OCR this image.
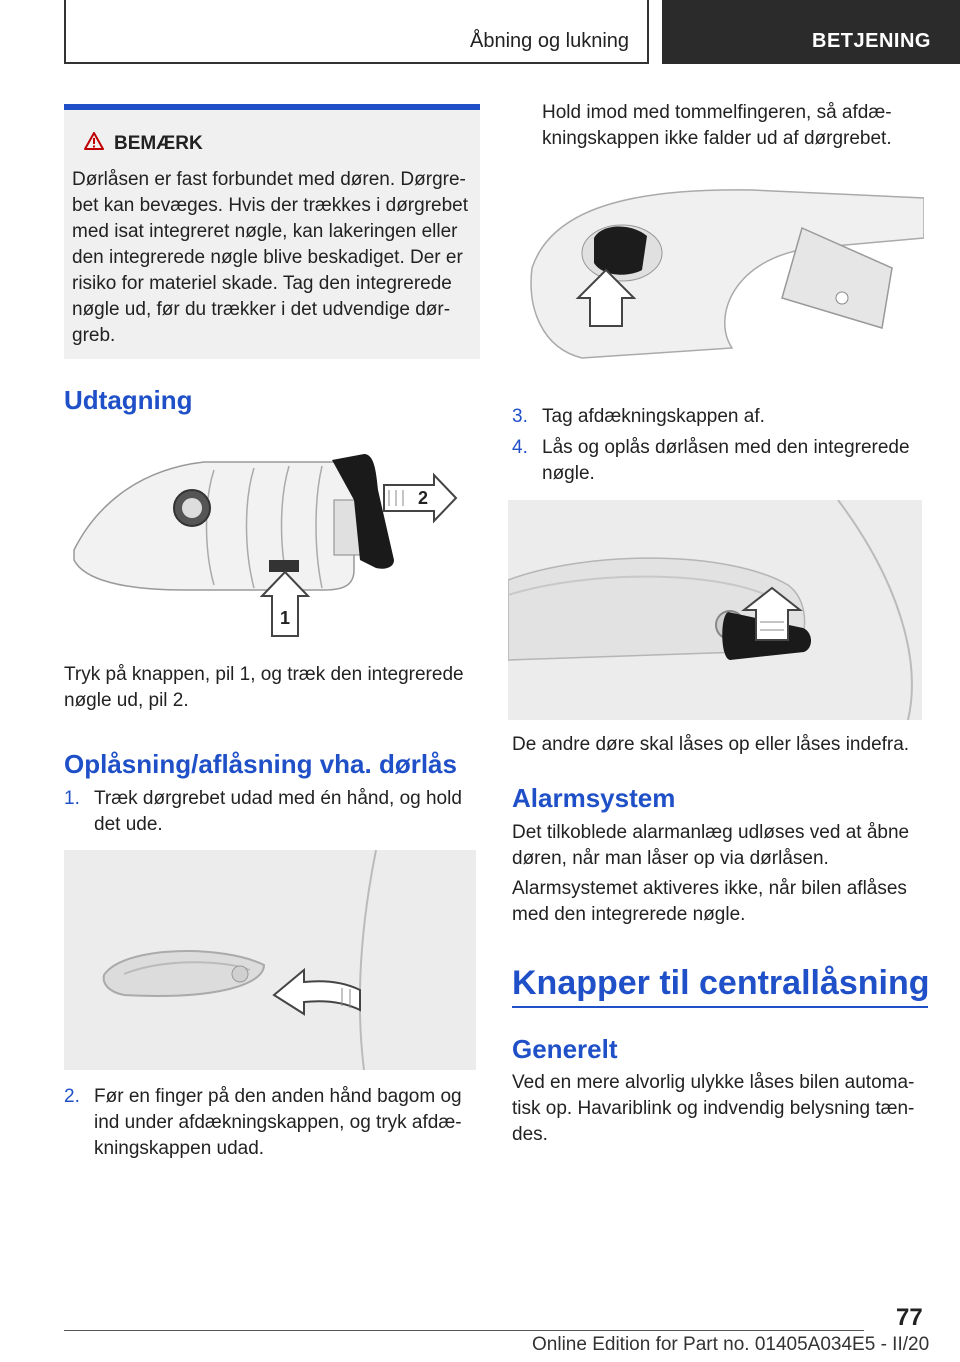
Åbning og lukning	BETJENING
BEMÆRK
Dørlåsen er fast forbundet med døren. Dørgre-bet kan bevæges. Hvis der trækkes i dørgrebet med isat integreret nøgle, kan lakeringen eller den integrerede nøgle blive beskadiget. Der er risiko for materiel skade. Tag den integrerede nøgle ud, før du trækker i det udvendige dør-greb.
Udtagning
2
1
Tryk på knappen, pil 1, og træk den integrerede nøgle ud, pil 2.
Oplåsning/aflåsning vha. dørlås
1. Træk dørgrebet udad med én hånd, og hold det ude.
2. Før en finger på den anden hånd bagom og ind under afdækningskappen, og tryk afdæ-kningskappen udad.
Hold imod med tommelfingeren, så afdæ-kningskappen ikke falder ud af dørgrebet.
3. Tag afdækningskappen af.
4. Lås og oplås dørlåsen med den integrerede nøgle.
De andre døre skal låses op eller låses indefra.
Alarmsystem
Det tilkoblede alarmanlæg udløses ved at åbne døren, når man låser op via dørlåsen.
Alarmsystemet aktiveres ikke, når bilen aflåses med den integrerede nøgle.
Knapper til centrallåsning
Generelt
Ved en mere alvorlig ulykke låses bilen automa-tisk op. Havariblink og indvendig belysning tæn-des.
77
Online Edition for Part no. 01405A034E5 - II/20
